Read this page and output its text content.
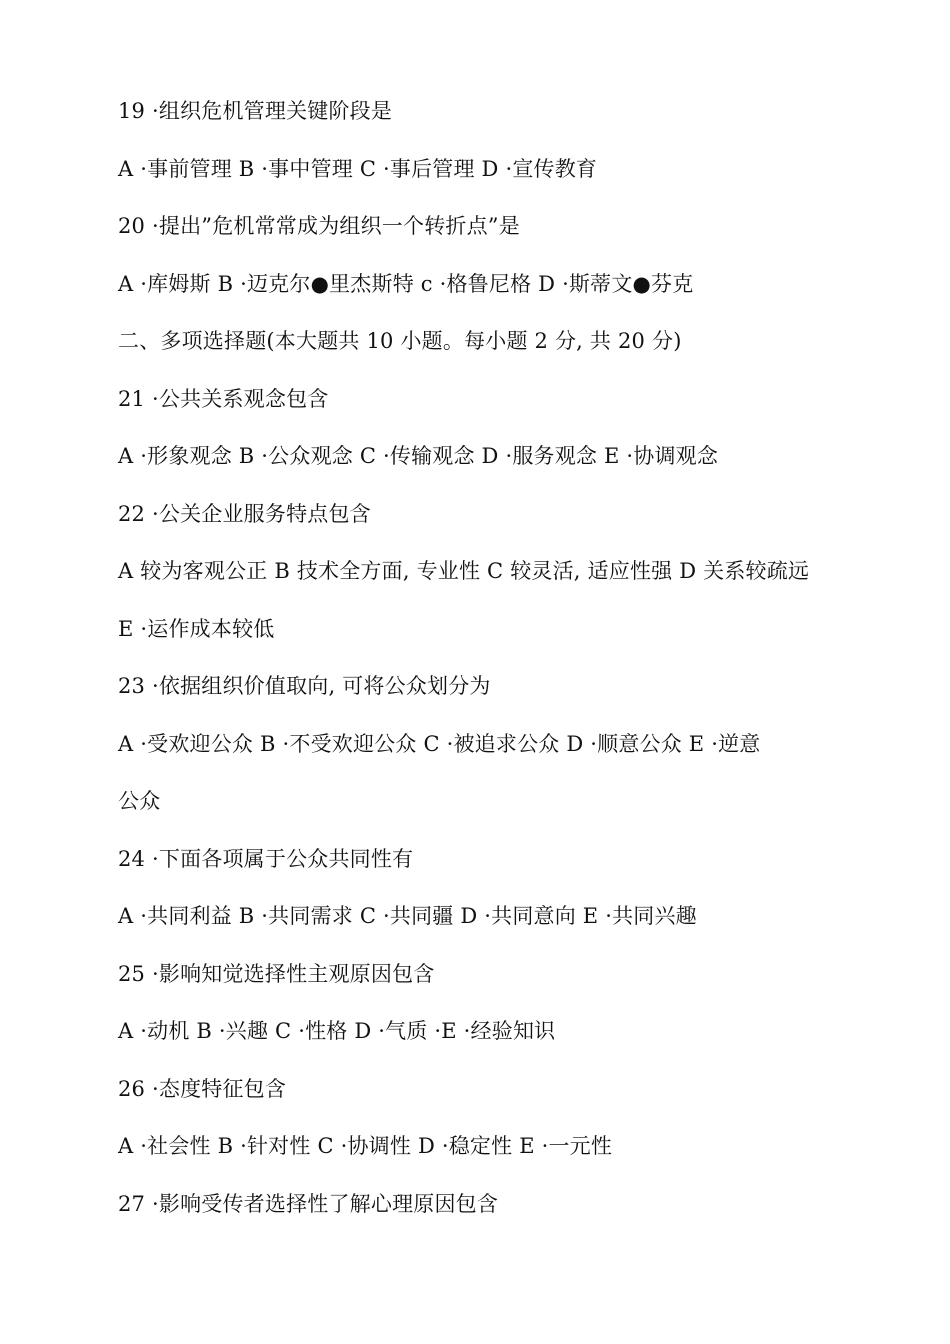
19 ·组织危机管理关键阶段是
A ·事前管理 B ·事中管理 C ·事后管理 D ·宣传教育
20 ·提出”危机常常成为组织一个转折点”是
A ·库姆斯 B ·迈克尔●里杰斯特 c ·格鲁尼格 D ·斯蒂文●芬克
二、多项选择题(本大题共 10 小题。每小题 2 分, 共 20 分)
21 ·公共关系观念包含
A ·形象观念 B ·公众观念 C ·传输观念 D ·服务观念 E ·协调观念
22 ·公关企业服务特点包含
A 较为客观公正 B 技术全方面, 专业性 C 较灵活, 适应性强 D 关系较疏远
E ·运作成本较低
23 ·依据组织价值取向, 可将公众划分为
A ·受欢迎公众 B ·不受欢迎公众 C ·被追求公众 D ·顺意公众 E ·逆意
公众
24 ·下面各项属于公众共同性有
A ·共同利益 B ·共同需求 C ·共同疆 D ·共同意向 E ·共同兴趣
25 ·影响知觉选择性主观原因包含
A ·动机 B ·兴趣 C ·性格 D ·气质 ·E ·经验知识
26 ·态度特征包含
A ·社会性 B ·针对性 C ·协调性 D ·稳定性 E ·一元性
27 ·影响受传者选择性了解心理原因包含
